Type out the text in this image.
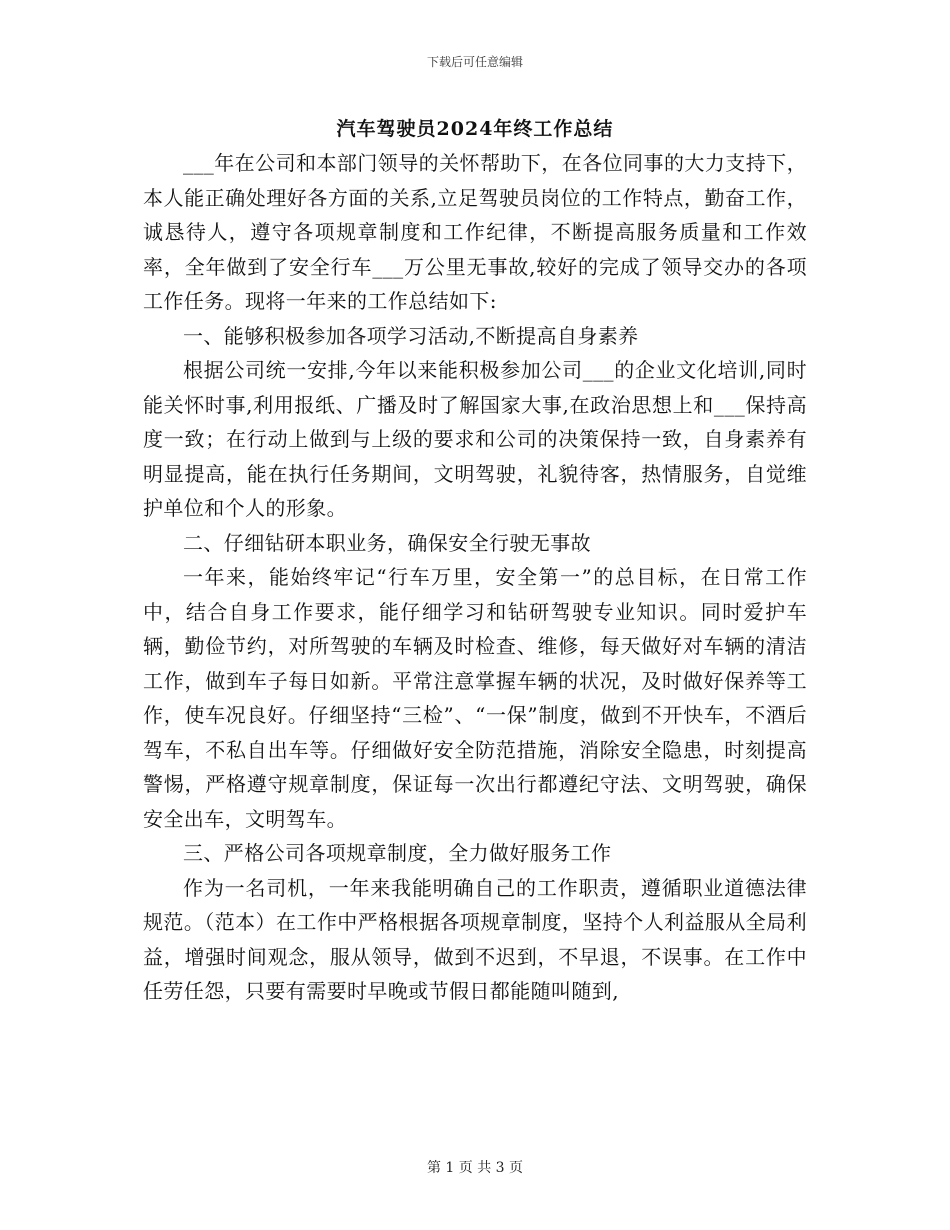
下载后可任意编辑
汽车驾驶员2024年终工作总结

___年在公司和本部门领导的关怀帮助下，在各位同事的大力支持下，本人能正确处理好各方面的关系,立足驾驶员岗位的工作特点，勤奋工作，诚恳待人，遵守各项规章制度和工作纪律，不断提高服务质量和工作效率，全年做到了安全行车___万公里无事故,较好的完成了领导交办的各项工作任务。现将一年来的工作总结如下:

一、能够积极参加各项学习活动,不断提高自身素养

根据公司统一安排,今年以来能积极参加公司___的企业文化培训,同时能关怀时事,利用报纸、广播及时了解国家大事,在政治思想上和___保持高度一致；在行动上做到与上级的要求和公司的决策保持一致，自身素养有明显提高，能在执行任务期间，文明驾驶，礼貌待客，热情服务，自觉维护单位和个人的形象。

二、仔细钻研本职业务，确保安全行驶无事故

一年来，能始终牢记“行车万里，安全第一”的总目标，在日常工作中，结合自身工作要求，能仔细学习和钻研驾驶专业知识。同时爱护车辆，勤俭节约，对所驾驶的车辆及时检查、维修，每天做好对车辆的清洁工作，做到车子每日如新。平常注意掌握车辆的状况，及时做好保养等工作，使车况良好。仔细坚持“三检”、“一保”制度，做到不开快车，不酒后驾车，不私自出车等。仔细做好安全防范措施，消除安全隐患，时刻提高警惕，严格遵守规章制度，保证每一次出行都遵纪守法、文明驾驶，确保安全出车，文明驾车。

三、严格公司各项规章制度，全力做好服务工作

作为一名司机，一年来我能明确自己的工作职责，遵循职业道德法律规范。（范本）在工作中严格根据各项规章制度，坚持个人利益服从全局利益，增强时间观念，服从领导，做到不迟到，不早退，不误事。在工作中任劳任怨，只要有需要时早晚或节假日都能随叫随到,

第 1 页 共 3 页
